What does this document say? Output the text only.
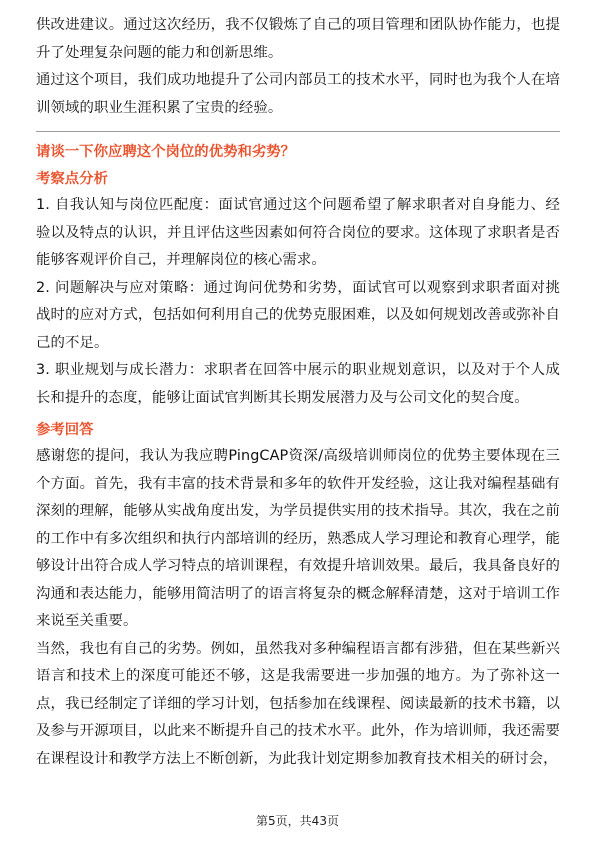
供改进建议。通过这次经历，我不仅锻炼了自己的项目管理和团队协作能力，也提升了处理复杂问题的能力和创新思维。

通过这个项目，我们成功地提升了公司内部员工的技术水平，同时也为我个人在培训领域的职业生涯积累了宝贵的经验。

请谈一下你应聘这个岗位的优势和劣势？

考察点分析

1. 自我认知与岗位匹配度：面试官通过这个问题希望了解求职者对自身能力、经验以及特点的认识，并且评估这些因素如何符合岗位的要求。这体现了求职者是否能够客观评价自己，并理解岗位的核心需求。

2. 问题解决与应对策略：通过询问优势和劣势，面试官可以观察到求职者面对挑战时的应对方式，包括如何利用自己的优势克服困难，以及如何规划改善或弥补自己的不足。

3. 职业规划与成长潜力：求职者在回答中展示的职业规划意识，以及对于个人成长和提升的态度，能够让面试官判断其长期发展潜力及与公司文化的契合度。

参考回答

感谢您的提问，我认为我应聘PingCAP资深/高级培训师岗位的优势主要体现在三个方面。首先，我有丰富的技术背景和多年的软件开发经验，这让我对编程基础有深刻的理解，能够从实战角度出发，为学员提供实用的技术指导。其次，我在之前的工作中有多次组织和执行内部培训的经历，熟悉成人学习理论和教育心理学，能够设计出符合成人学习特点的培训课程，有效提升培训效果。最后，我具备良好的沟通和表达能力，能够用简洁明了的语言将复杂的概念解释清楚，这对于培训工作来说至关重要。

当然，我也有自己的劣势。例如，虽然我对多种编程语言都有涉猎，但在某些新兴语言和技术上的深度可能还不够，这是我需要进一步加强的地方。为了弥补这一点，我已经制定了详细的学习计划，包括参加在线课程、阅读最新的技术书籍，以及参与开源项目，以此来不断提升自己的技术水平。此外，作为培训师，我还需要在课程设计和教学方法上不断创新，为此我计划定期参加教育技术相关的研讨会，

第5页，共43页
